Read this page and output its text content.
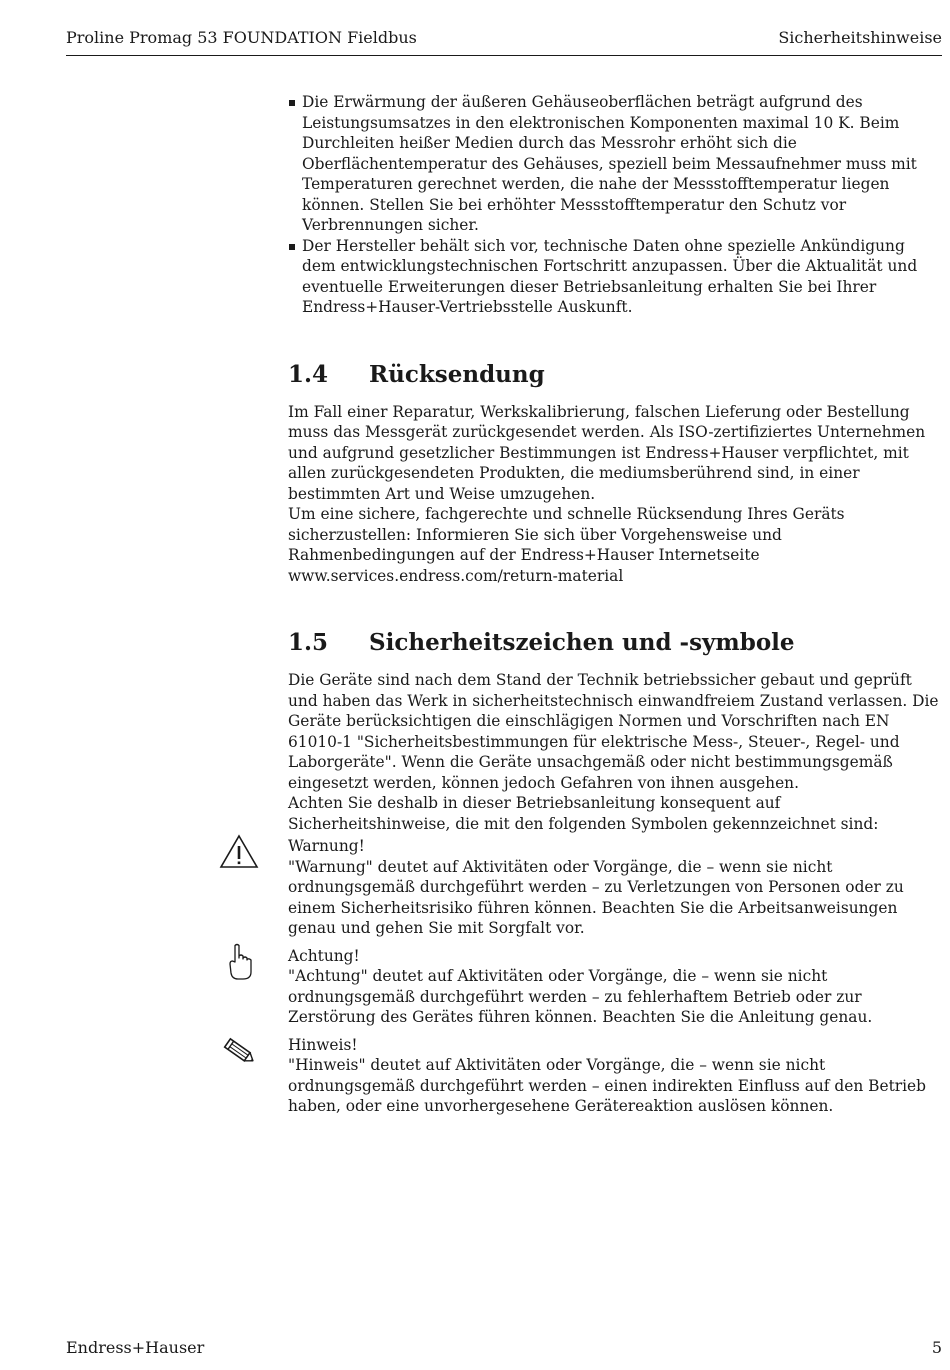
Proline Promag 53 FOUNDATION Fieldbus	Sicherheitshinweise
Die Erwärmung der äußeren Gehäuseoberflächen beträgt aufgrund des Leistungsumsatzes in den elektronischen Komponenten maximal 10 K. Beim Durchleiten heißer Medien durch das Messrohr erhöht sich die Oberflächentemperatur des Gehäuses, speziell beim Messaufnehmer muss mit Temperaturen gerechnet werden, die nahe der Messstofftemperatur liegen können. Stellen Sie bei erhöhter Messstofftemperatur den Schutz vor Verbrennungen sicher.
Der Hersteller behält sich vor, technische Daten ohne spezielle Ankündigung dem entwicklungstechnischen Fortschritt anzupassen. Über die Aktualität und eventuelle Erweiterungen dieser Betriebsanleitung erhalten Sie bei Ihrer Endress+Hauser-Vertriebsstelle Auskunft.
1.4	Rücksendung

Im Fall einer Reparatur, Werkskalibrierung, falschen Lieferung oder Bestellung muss das Messgerät zurückgesendet werden. Als ISO-zertifiziertes Unternehmen und aufgrund gesetzlicher Bestimmungen ist Endress+Hauser verpflichtet, mit allen zurückgesendeten Produkten, die mediumsberührend sind, in einer bestimmten Art und Weise umzugehen.

Um eine sichere, fachgerechte und schnelle Rücksendung Ihres Geräts sicherzustellen: Informieren Sie sich über Vorgehensweise und Rahmenbedingungen auf der Endress+Hauser Internetseite www.services.endress.com/return-material

1.5	Sicherheitszeichen und -symbole

Die Geräte sind nach dem Stand der Technik betriebssicher gebaut und geprüft und haben das Werk in sicherheitstechnisch einwandfreiem Zustand verlassen. Die Geräte berücksichtigen die einschlägigen Normen und Vorschriften nach EN 61010-1 "Sicherheitsbestimmungen für elektrische Mess-, Steuer-, Regel- und Laborgeräte". Wenn die Geräte unsachgemäß oder nicht bestimmungsgemäß eingesetzt werden, können jedoch Gefahren von ihnen ausgehen.

Achten Sie deshalb in dieser Betriebsanleitung konsequent auf Sicherheitshinweise, die mit den folgenden Symbolen gekennzeichnet sind:

Warnung!

"Warnung" deutet auf Aktivitäten oder Vorgänge, die – wenn sie nicht ordnungsgemäß durchgeführt werden – zu Verletzungen von Personen oder zu einem Sicherheitsrisiko führen können. Beachten Sie die Arbeitsanweisungen genau und gehen Sie mit Sorgfalt vor.

Achtung!

"Achtung" deutet auf Aktivitäten oder Vorgänge, die – wenn sie nicht ordnungsgemäß durchgeführt werden – zu fehlerhaftem Betrieb oder zur Zerstörung des Gerätes führen können. Beachten Sie die Anleitung genau.

Hinweis!

"Hinweis" deutet auf Aktivitäten oder Vorgänge, die – wenn sie nicht ordnungsgemäß durchgeführt werden – einen indirekten Einfluss auf den Betrieb haben, oder eine unvorhergesehene Gerätereaktion auslösen können.

Endress+Hauser	5
